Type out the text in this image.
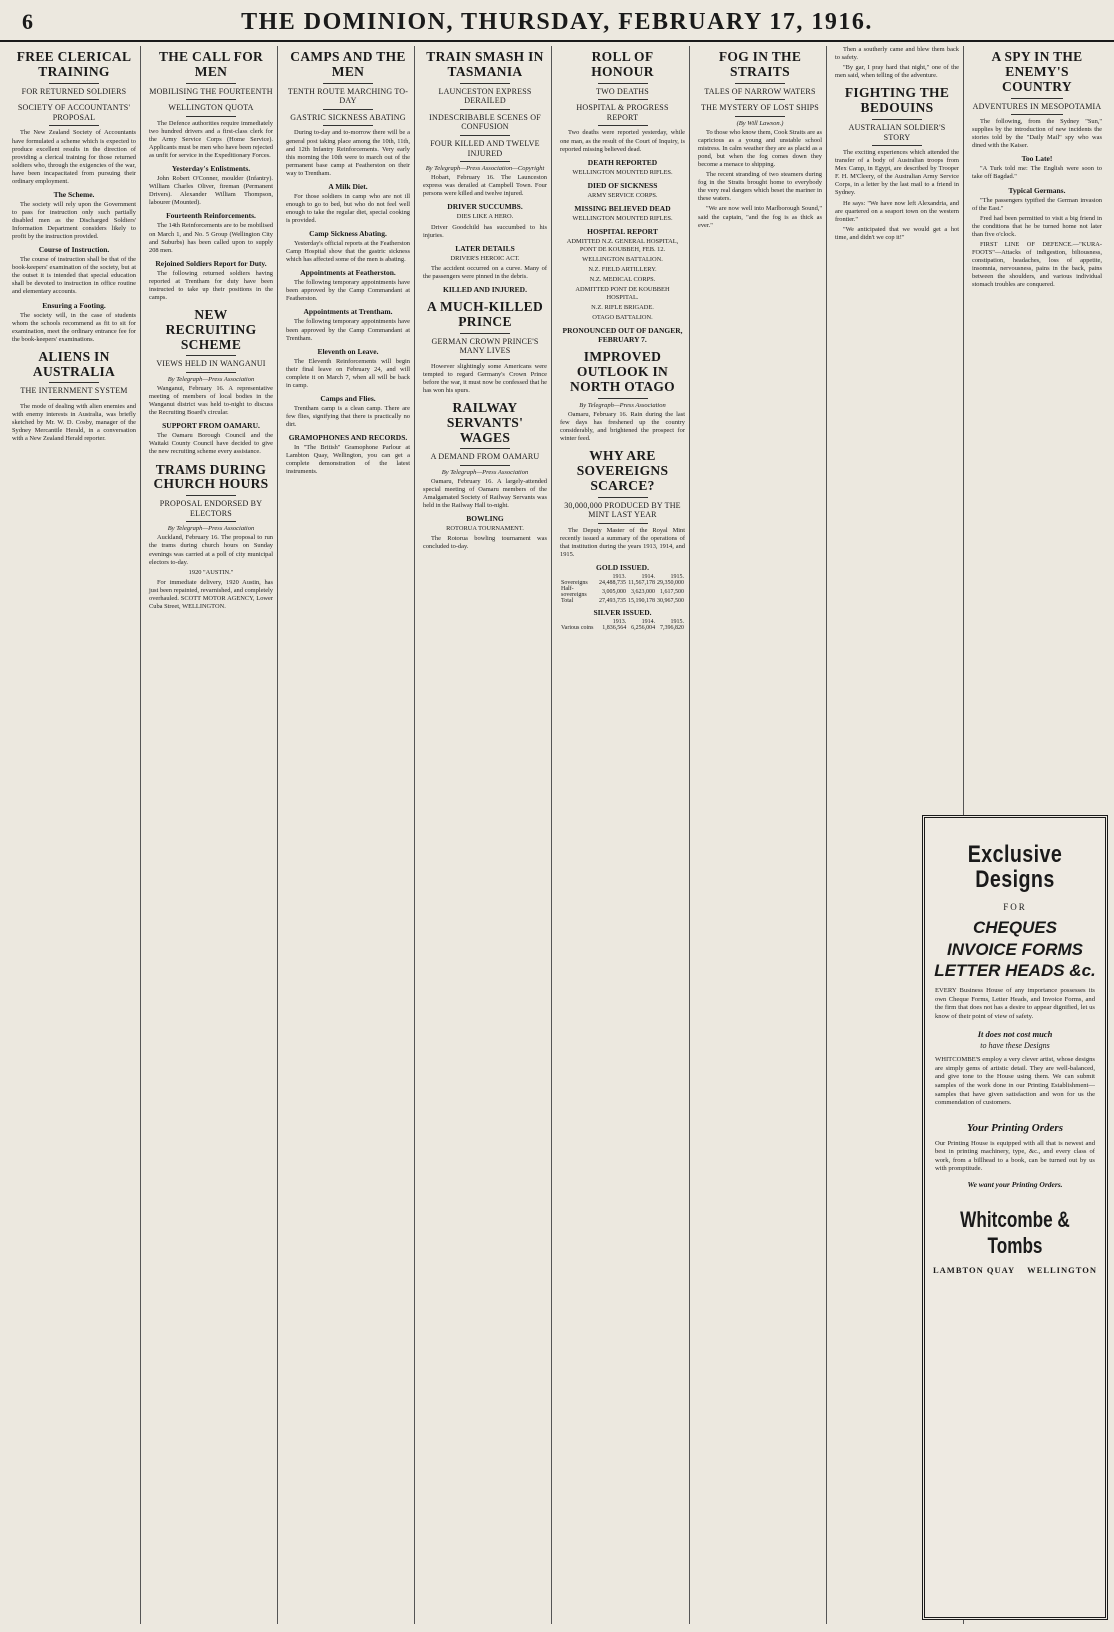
6	THE DOMINION, THURSDAY, FEBRUARY 17, 1916.
FREE CLERICAL TRAINING
FOR RETURNED SOLDIERS
SOCIETY OF ACCOUNTANTS' PROPOSAL

The New Zealand Society of Accountants have formulated a scheme which is expected to produce excellent results in the direction of providing a clerical training for those returned soldiers who, through the exigencies of the war, have been incapacitated from pursuing their ordinary employment.

The Scheme.

The society will rely upon the Government to pass for instruction only such partially disabled men as the Discharged Soldiers' Information Department considers likely to profit by the instruction provided.

Course of Instruction.

The course of instruction shall be that of the book-keepers' examination of the society, but at the outset it is intended that special education shall be devoted to instruction in office routine and elementary accounts.

Ensuring a Footing.

The society will, in the case of students whom the schools recommend as fit to sit for examination, meet the ordinary entrance fee for the book-keepers' examinations.

ALIENS IN AUSTRALIA
THE INTERNMENT SYSTEM

The mode of dealing with alien enemies and with enemy interests in Australia, was briefly sketched by Mr. W. D. Cosby, manager of the Sydney Mercantile Herald, in a conversation with a New Zealand Herald reporter.

THE CALL FOR MEN
MOBILISING THE FOURTEENTH
WELLINGTON QUOTA

The Defence authorities require immediately two hundred drivers and a first-class clerk for the Army Service Corps (Home Service). Applicants must be men who have been rejected as unfit for service in the Expeditionary Forces.

Yesterday's Enlistments.

John Robert O'Conner, moulder (Infantry). William Charles Oliver, fireman (Permanent Drivers). Alexander William Thompson, labourer (Mounted).

Fourteenth Reinforcements.

The 14th Reinforcements are to be mobilised on March 1, and No. 5 Group (Wellington City and Suburbs) has been called upon to supply 208 men.

Rejoined Soldiers Report for Duty.

The following returned soldiers having reported at Trentham for duty have been instructed to take up their positions in the camps.

NEW RECRUITING SCHEME
VIEWS HELD IN WANGANUI
By Telegraph—Press Association

Wanganui, February 16. A representative meeting of members of local bodies in the Wanganui district was held to-night to discuss the Recruiting Board's circular.

SUPPORT FROM OAMARU.

The Oamaru Borough Council and the Waitaki County Council have decided to give the new recruiting scheme every assistance.

TRAMS DURING CHURCH HOURS
PROPOSAL ENDORSED BY ELECTORS
By Telegraph—Press Association

Auckland, February 16. The proposal to run the trams during church hours on Sunday evenings was carried at a poll of city municipal electors to-day.

1920 "AUSTIN."

For immediate delivery, 1920 Austin, has just been repainted, revarnished, and completely overhauled. SCOTT MOTOR AGENCY, Lower Cuba Street, WELLINGTON.

CAMPS AND THE MEN
TENTH ROUTE MARCHING TO-DAY
GASTRIC SICKNESS ABATING

During to-day and to-morrow there will be a general post taking place among the 10th, 11th, and 12th Infantry Reinforcements. Very early this morning the 10th were to march out of the permanent base camp at Featherston on their way to Trentham.

A Milk Diet.

For those soldiers in camp who are not ill enough to go to bed, but who do not feel well enough to take the regular diet, special cooking is provided.

Camp Sickness Abating.

Yesterday's official reports at the Featherston Camp Hospital show that the gastric sickness which has affected some of the men is abating.

Appointments at Featherston.

The following temporary appointments have been approved by the Camp Commandant at Featherston.

Appointments at Trentham.

The following temporary appointments have been approved by the Camp Commandant at Trentham.

Eleventh on Leave.

The Eleventh Reinforcements will begin their final leave on February 24, and will complete it on March 7, when all will be back in camp.

Camps and Flies.

Trentham camp is a clean camp. There are few flies, signifying that there is practically no dirt.

GRAMOPHONES AND RECORDS.

In "The British" Gramophone Parlour at Lambton Quay, Wellington, you can get a complete demonstration of the latest instruments.

TRAIN SMASH IN TASMANIA
LAUNCESTON EXPRESS DERAILED
INDESCRIBABLE SCENES OF CONFUSION
FOUR KILLED AND TWELVE INJURED
By Telegraph—Press Association—Copyright

Hobart, February 16. The Launceston express was derailed at Campbell Town. Four persons were killed and twelve injured.

DRIVER SUCCUMBS.
DIES LIKE A HERO.

Driver Goodchild has succumbed to his injuries.

LATER DETAILS
DRIVER'S HEROIC ACT.

The accident occurred on a curve. Many of the passengers were pinned in the debris.

KILLED AND INJURED.
A MUCH-KILLED PRINCE
GERMAN CROWN PRINCE'S MANY LIVES

However slightingly some Americans were tempted to regard Germany's Crown Prince before the war, it must now be confessed that he has won his spurs.

RAILWAY SERVANTS' WAGES
A DEMAND FROM OAMARU
By Telegraph—Press Association

Oamaru, February 16. A largely-attended special meeting of Oamaru members of the Amalgamated Society of Railway Servants was held in the Railway Hall to-night.

BOWLING
ROTORUA TOURNAMENT.

The Rotorua bowling tournament was concluded to-day.

ROLL OF HONOUR
TWO DEATHS
HOSPITAL & PROGRESS REPORT

Two deaths were reported yesterday, while one man, as the result of the Court of Inquiry, is reported missing believed dead.

DEATH REPORTED
WELLINGTON MOUNTED RIFLES.
DIED OF SICKNESS
ARMY SERVICE CORPS.
MISSING BELIEVED DEAD
WELLINGTON MOUNTED RIFLES.
HOSPITAL REPORT
ADMITTED N.Z. GENERAL HOSPITAL, PONT DE KOUBBEH, FEB. 12.
WELLINGTON BATTALION.
N.Z. FIELD ARTILLERY.
N.Z. MEDICAL CORPS.
ADMITTED PONT DE KOUBBEH HOSPITAL.
N.Z. RIFLE BRIGADE.
OTAGO BATTALION.
PRONOUNCED OUT OF DANGER, FEBRUARY 7.
IMPROVED OUTLOOK IN NORTH OTAGO
By Telegraph—Press Association

Oamaru, February 16. Rain during the last few days has freshened up the country considerably, and brightened the prospect for winter feed.

WHY ARE SOVEREIGNS SCARCE?
30,000,000 PRODUCED BY THE MINT LAST YEAR

The Deputy Master of the Royal Mint recently issued a summary of the operations of that institution during the years 1913, 1914, and 1915.

GOLD ISSUED.
	1913.	1914.	1915.
Sovereigns	24,488,735	11,567,178	29,350,000
Half-sovereigns	3,005,000	3,623,000	1,617,500
Total	27,493,735	15,190,178	30,967,500
SILVER ISSUED.
	1913.	1914.	1915.
Various coins	1,836,564	6,256,004	7,396,820
FOG IN THE STRAITS
TALES OF NARROW WATERS
THE MYSTERY OF LOST SHIPS
(By Will Lawson.)

To those who know them, Cook Straits are as capricious as a young and unstable school mistress. In calm weather they are as placid as a pond, but when the fog comes down they become a menace to shipping.

The recent stranding of two steamers during fog in the Straits brought home to everybody the very real dangers which beset the mariner in these waters.

"We are now well into Marlborough Sound," said the captain, "and the fog is as thick as ever."

Then a southerly came and blew them back to safety.

"By gar, I pray hard that night," one of the men said, when telling of the adventure.

FIGHTING THE BEDOUINS
AUSTRALIAN SOLDIER'S STORY

The exciting experiences which attended the transfer of a body of Australian troops from Mex Camp, in Egypt, are described by Trooper F. H. M'Cleery, of the Australian Army Service Corps, in a letter by the last mail to a friend in Sydney.

He says: "We have now left Alexandria, and are quartered on a seaport town on the western frontier."

"We anticipated that we would get a hot time, and didn't we cop it!"

A SPY IN THE ENEMY'S COUNTRY
ADVENTURES IN MESOPOTAMIA

The following, from the Sydney "Sun," supplies by the introduction of new incidents the stories told by the "Daily Mail" spy who was dined with the Kaiser.

Too Late!

"A Turk told me: The English were soon to take off Bagdad."

Typical Germans.

"The passengers typified the German invasion of the East."

Fred had been permitted to visit a big friend in the conditions that he be turned home not later than five o'clock.

FIRST LINE OF DEFENCE.—"KURA-FOOTS"—Attacks of indigestion, biliousness, constipation, headaches, loss of appetite, insomnia, nervousness, pains in the back, pains between the shoulders, and various individual stomach troubles are conquered.

Exclusive Designs
FOR
CHEQUES
INVOICE FORMS
LETTER HEADS &c.

EVERY Business House of any importance possesses its own Cheque Forms, Letter Heads, and Invoice Forms, and the firm that does not has a desire to appear dignified, let us know of their point of view of safety.

It does not cost much
to have these Designs

WHITCOMBE'S employ a very clever artist, whose designs are simply gems of artistic detail. They are well-balanced, and give tone to the House using them. We can submit samples of the work done in our Printing Establishment—samples that have given satisfaction and won for us the commendation of customers.

Your Printing Orders

Our Printing House is equipped with all that is newest and best in printing machinery, type, &c., and every class of work, from a billhead to a book, can be turned out by us with promptitude.

We want your Printing Orders.
Whitcombe & Tombs
LAMBTON QUAY WELLINGTON
